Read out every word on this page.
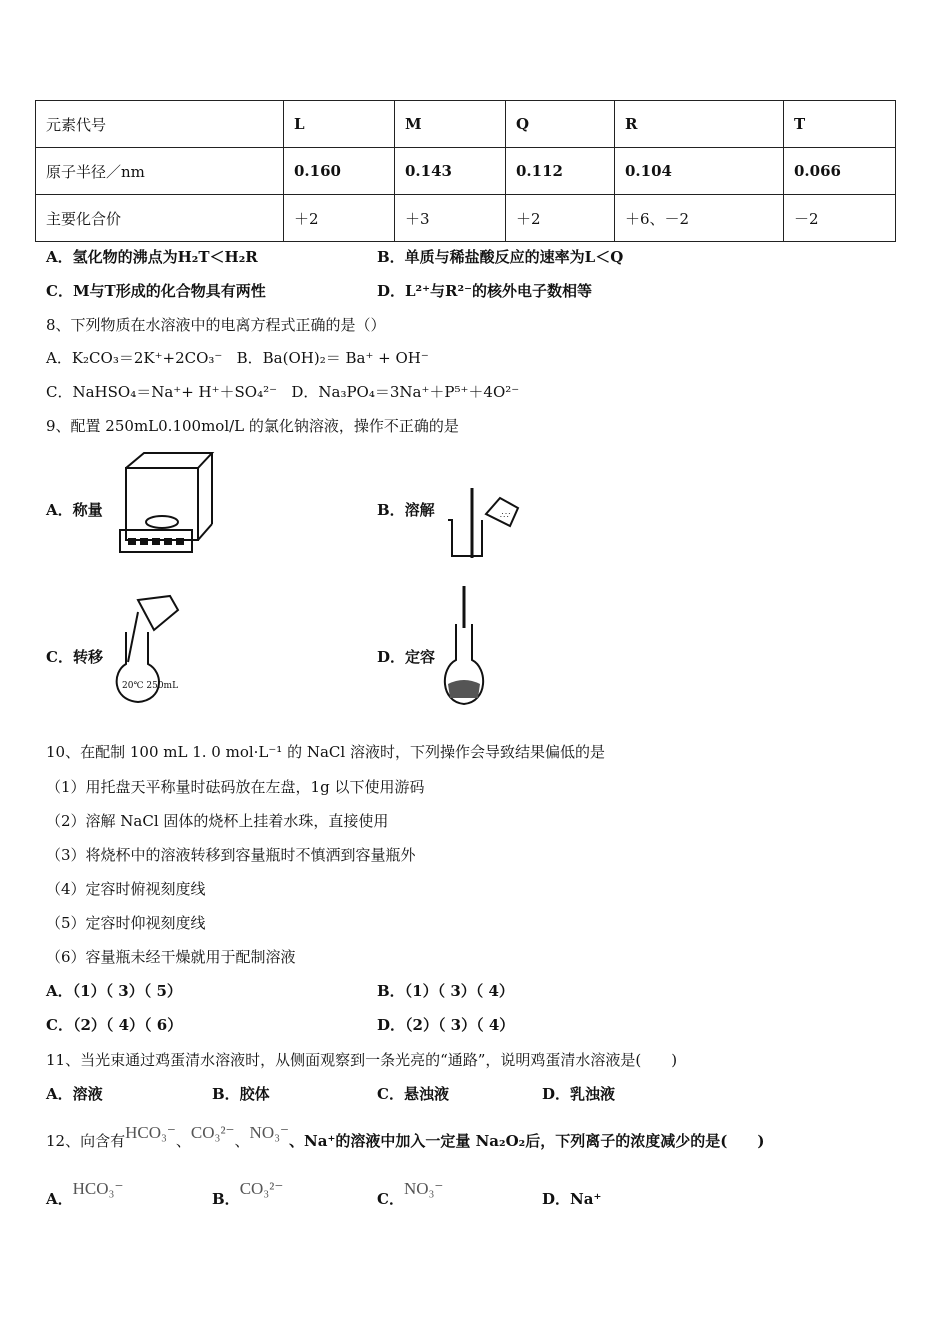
元素代号	L	M	Q	R	T
原子半径／nm	0.160	0.143	0.112	0.104	0.066
主要化合价	＋2	＋3	＋2	＋6、－2	－2
A．氢化物的沸点为H₂T＜H₂R	B．单质与稀盐酸反应的速率为L＜Q
C．M与T形成的化合物具有两性	D．L²⁺与R²⁻的核外电子数相等
8、下列物质在水溶液中的电离方程式正确的是（）
A．K₂CO₃＝2K⁺+2CO₃⁻   B．Ba(OH)₂＝ Ba⁺ + OH⁻
C．NaHSO₄＝Na⁺+ H⁺＋SO₄²⁻   D．Na₃PO₄＝3Na⁺＋P⁵⁺＋4O²⁻
9、配置 250mL0.100mol/L 的氯化钠溶液，操作不正确的是
A．称量	B．溶解
C．转移	D．定容
∴∵
20℃ 250mL
10、在配制 100 mL 1. 0 mol·L⁻¹ 的 NaCl 溶液时，下列操作会导致结果偏低的是
（1）用托盘天平称量时砝码放在左盘，1g 以下使用游码
（2）溶解 NaCl 固体的烧杯上挂着水珠，直接使用
（3）将烧杯中的溶液转移到容量瓶时不慎洒到容量瓶外
（4）定容时俯视刻度线
（5）定容时仰视刻度线
（6）容量瓶未经干燥就用于配制溶液
A．（1）（ 3）（ 5）	B．（1）（ 3）（ 4）
C．（2）（ 4）（ 6）	D．（2）（ 3）（ 4）
11、当光束通过鸡蛋清水溶液时，从侧面观察到一条光亮的“通路”，说明鸡蛋清水溶液是(　　)
A．溶液	B．胶体	C．悬浊液	D．乳浊液
12、向含有HCO₃⁻、CO₃²⁻、NO₃⁻、Na⁺的溶液中加入一定量 Na₂O₂后，下列离子的浓度减少的是(　　)
A．HCO₃⁻
B．CO₃²⁻
C．NO₃⁻
D．Na⁺
